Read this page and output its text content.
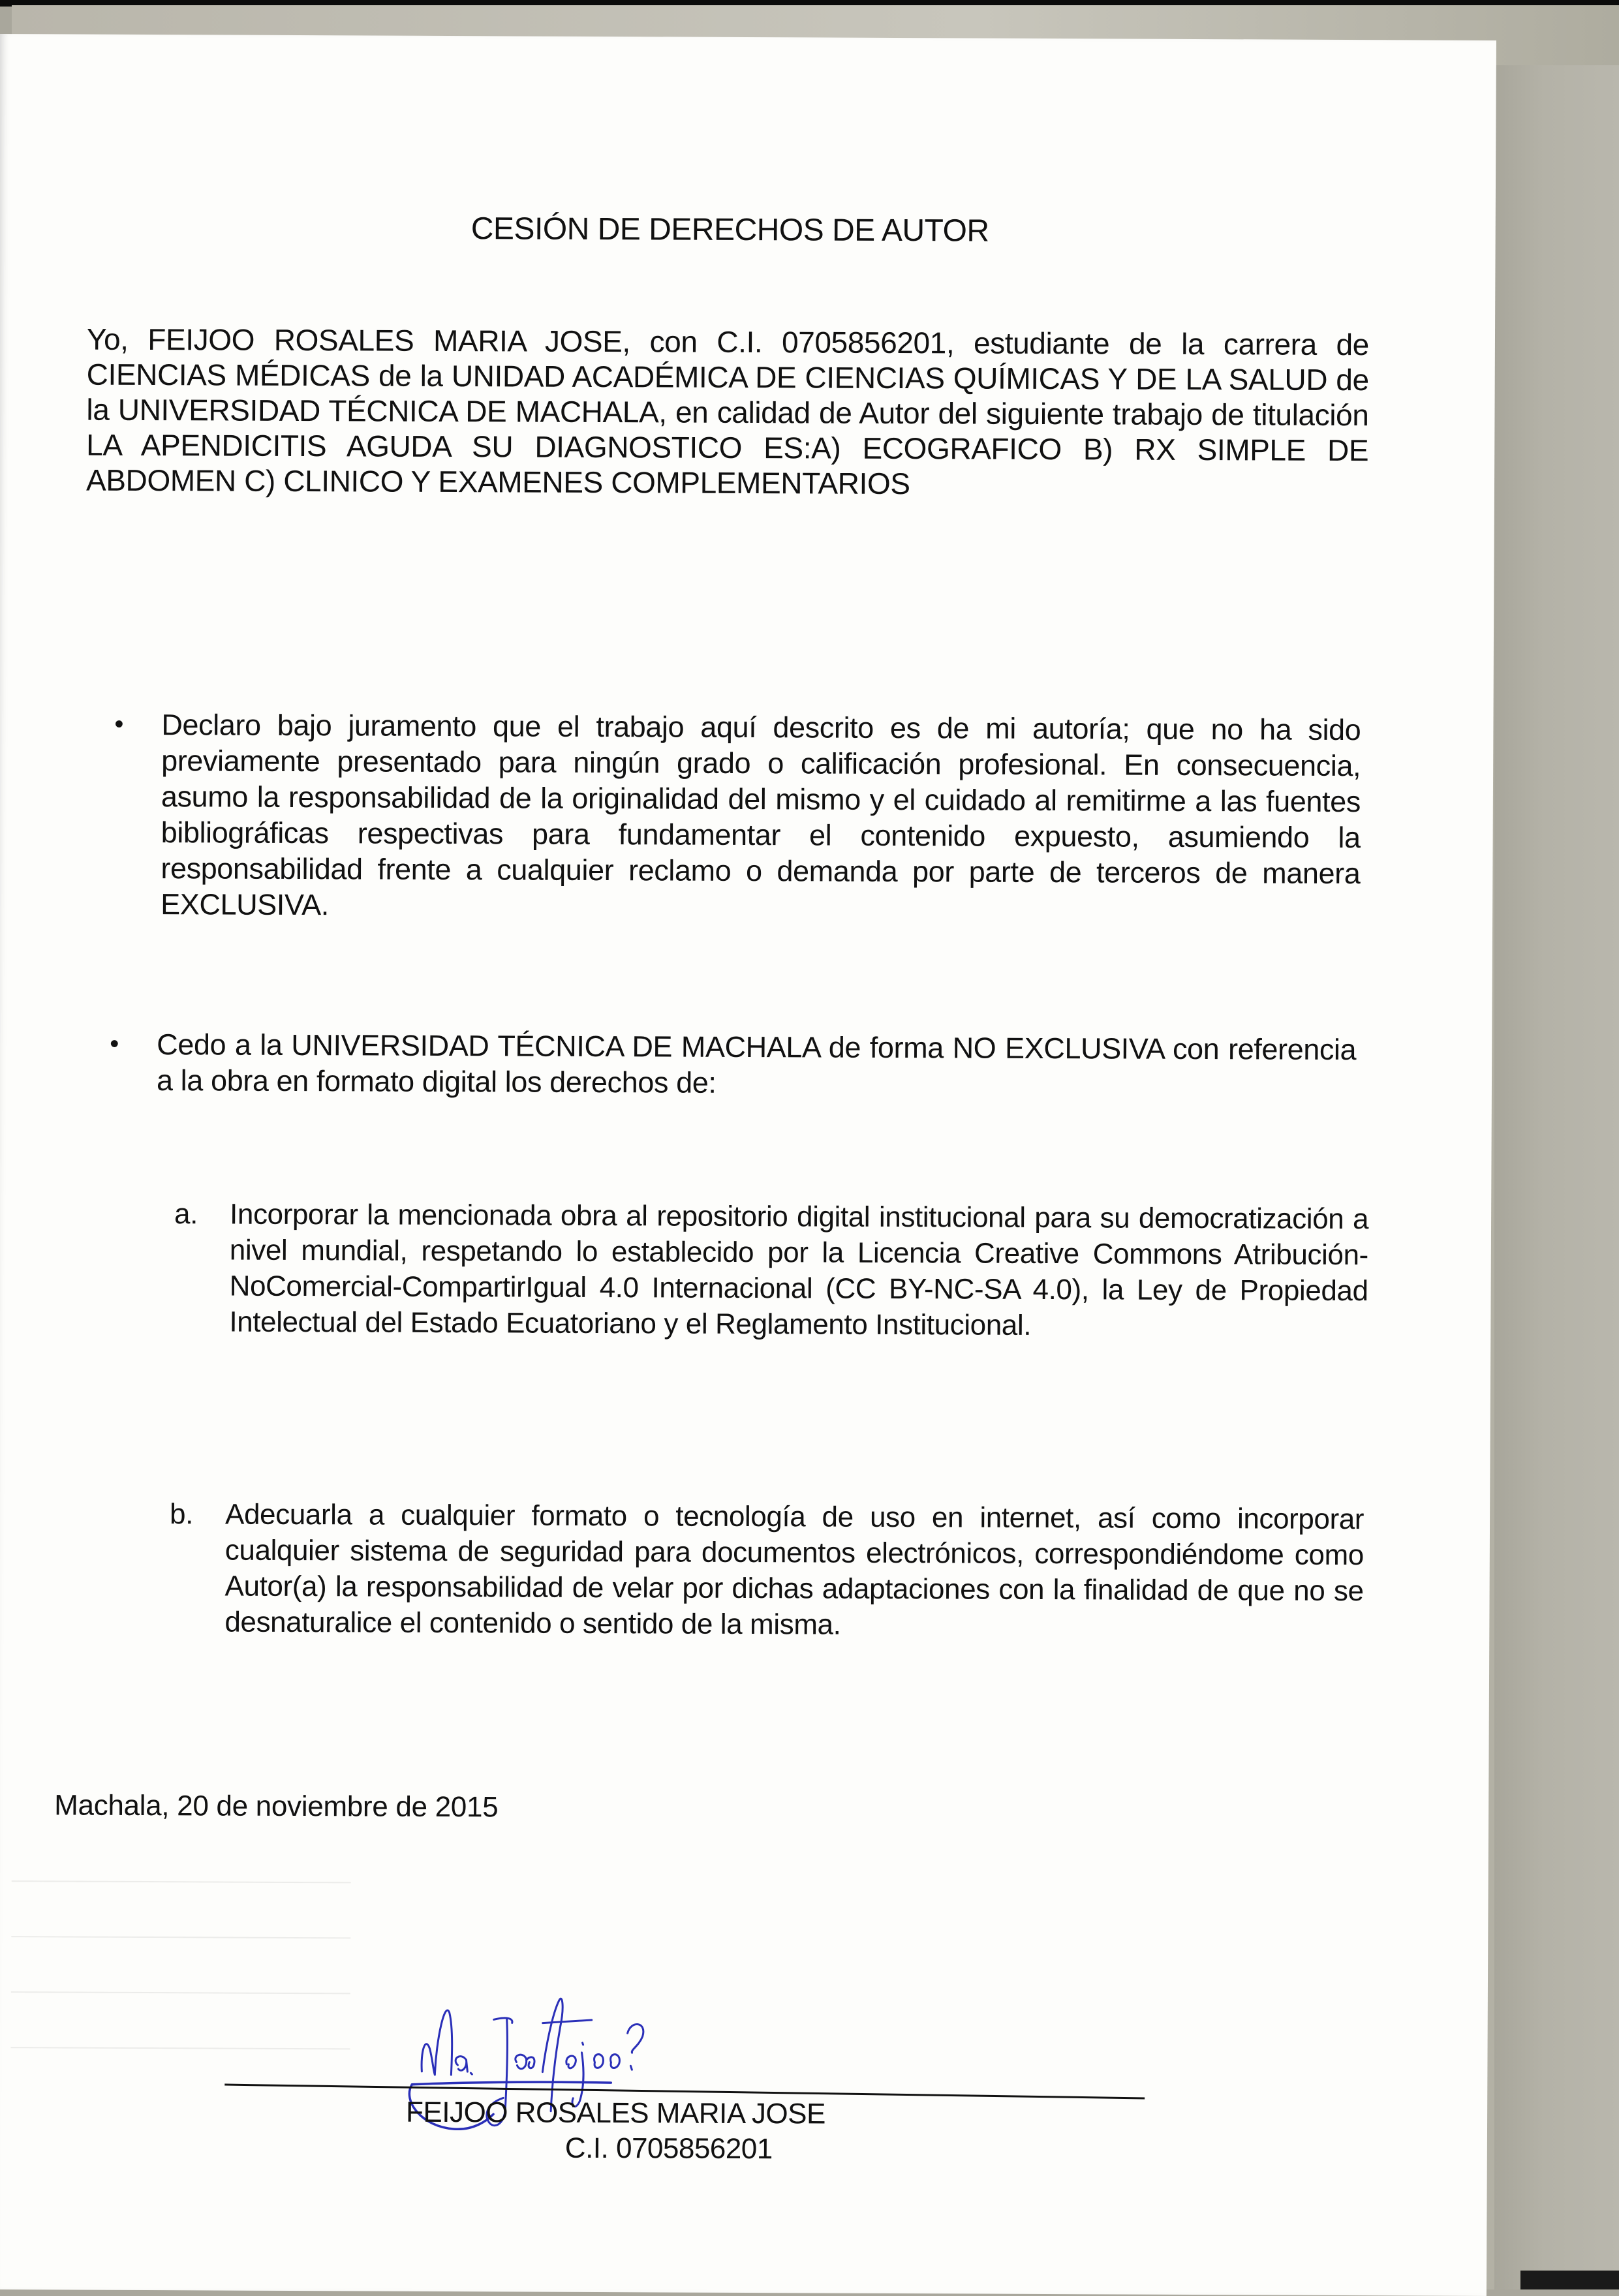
CESIÓN DE DERECHOS DE AUTOR

Yo, FEIJOO ROSALES MARIA JOSE, con C.I. 0705856201, estudiante de la carrera de CIENCIAS MÉDICAS de la UNIDAD ACADÉMICA DE CIENCIAS QUÍMICAS Y DE LA SALUD de la UNIVERSIDAD TÉCNICA DE MACHALA, en calidad de Autor del siguiente trabajo de titulación LA APENDICITIS AGUDA SU DIAGNOSTICO ES:A) ECOGRAFICO B) RX SIMPLE DE ABDOMEN C) CLINICO Y EXAMENES COMPLEMENTARIOS

•	Declaro bajo juramento que el trabajo aquí descrito es de mi autoría; que no ha sido previamente presentado para ningún grado o calificación profesional. En consecuencia, asumo la responsabilidad de la originalidad del mismo y el cuidado al remitirme a las fuentes bibliográficas respectivas para fundamentar el contenido expuesto, asumiendo la responsabilidad frente a cualquier reclamo o demanda por parte de terceros de manera EXCLUSIVA.
•	Cedo a la UNIVERSIDAD TÉCNICA DE MACHALA de forma NO EXCLUSIVA con referencia a la obra en formato digital los derechos de:
a.	Incorporar la mencionada obra al repositorio digital institucional para su democratización a nivel mundial, respetando lo establecido por la Licencia Creative Commons Atribución-NoComercial-CompartirIgual 4.0 Internacional (CC BY-NC-SA 4.0), la Ley de Propiedad Intelectual del Estado Ecuatoriano y el Reglamento Institucional.
b.	Adecuarla a cualquier formato o tecnología de uso en internet, así como incorporar cualquier sistema de seguridad para documentos electrónicos, correspondiéndome como Autor(a) la responsabilidad de velar por dichas adaptaciones con la finalidad de que no se desnaturalice el contenido o sentido de la misma.
Machala, 20 de noviembre de 2015
FEIJOO ROSALES MARIA JOSE
C.I. 0705856201
